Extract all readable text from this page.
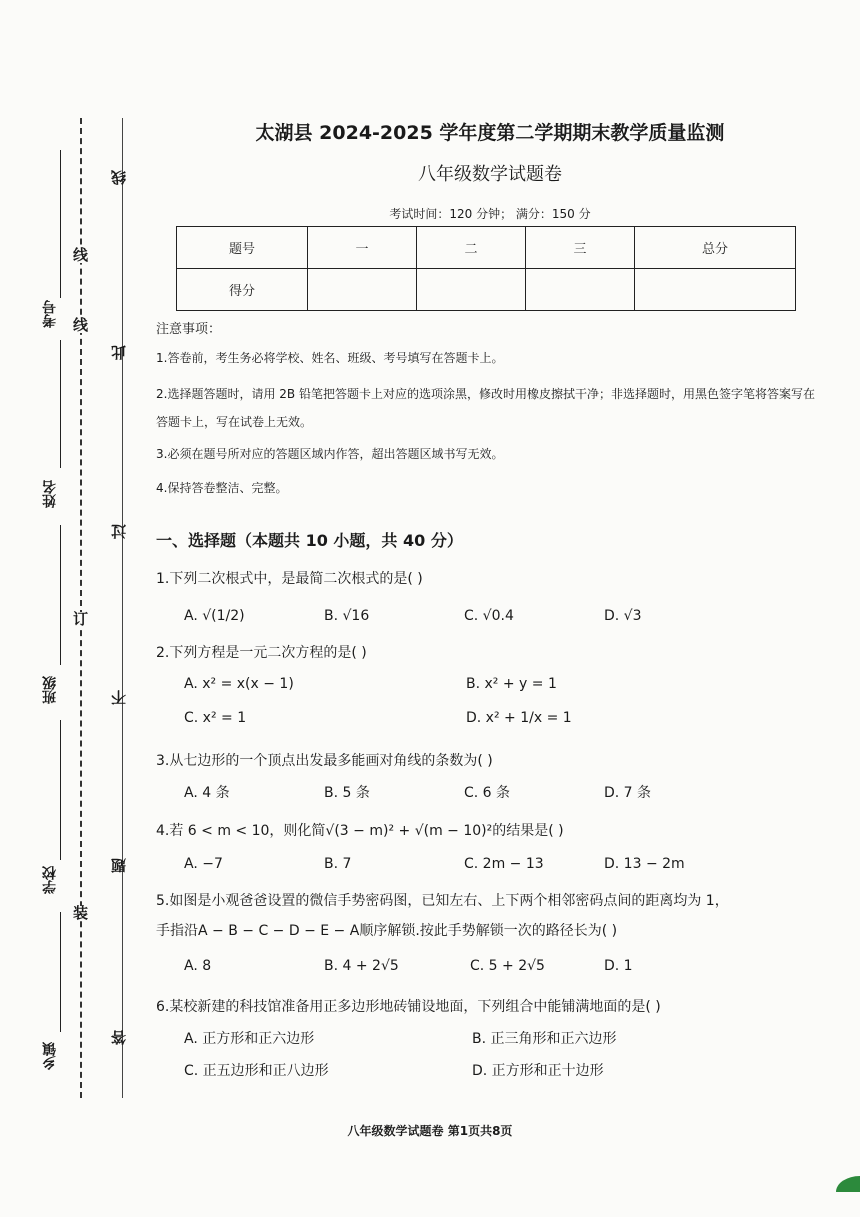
考号
姓名
班级
学校
乡镇
线
线
订
装
线
此
过
不
题
答
太湖县 2024-2025 学年度第二学期期末教学质量监测
八年级数学试题卷
考试时间：120 分钟； 满分：150 分
题号	一	二	三	总分
得分				
注意事项：
1.答卷前，考生务必将学校、姓名、班级、考号填写在答题卡上。
2.选择题答题时，请用 2B 铅笔把答题卡上对应的选项涂黑，修改时用橡皮擦拭干净；非选择题时，用黑色签字笔将答案写在答题卡上，写在试卷上无效。
3.必须在题号所对应的答题区域内作答，超出答题区域书写无效。
4.保持答卷整洁、完整。
一、选择题（本题共 10 小题，共 40 分）
1.下列二次根式中，是最简二次根式的是( )
A. √(1/2)	B. √16	C. √0.4	D. √3
2.下列方程是一元二次方程的是( )
A. x² = x(x − 1)	B. x² + y = 1
C. x² = 1	D. x² + 1/x = 1
3.从七边形的一个顶点出发最多能画对角线的条数为( )
A. 4 条	B. 5 条	C. 6 条	D. 7 条
4.若 6 < m < 10，则化简√(3 − m)² + √(m − 10)²的结果是( )
A. −7	B. 7	C. 2m − 13	D. 13 − 2m
5.如图是小观爸爸设置的微信手势密码图，已知左右、上下两个相邻密码点间的距离均为 1，
手指沿A − B − C − D − E − A顺序解锁.按此手势解锁一次的路径长为( )
A. 8	B. 4 + 2√5	C. 5 + 2√5	D. 1
6.某校新建的科技馆准备用正多边形地砖铺设地面，下列组合中能铺满地面的是( )
A. 正方形和正六边形	B. 正三角形和正六边形
C. 正五边形和正八边形	D. 正方形和正十边形
八年级数学试题卷 第1页共8页
